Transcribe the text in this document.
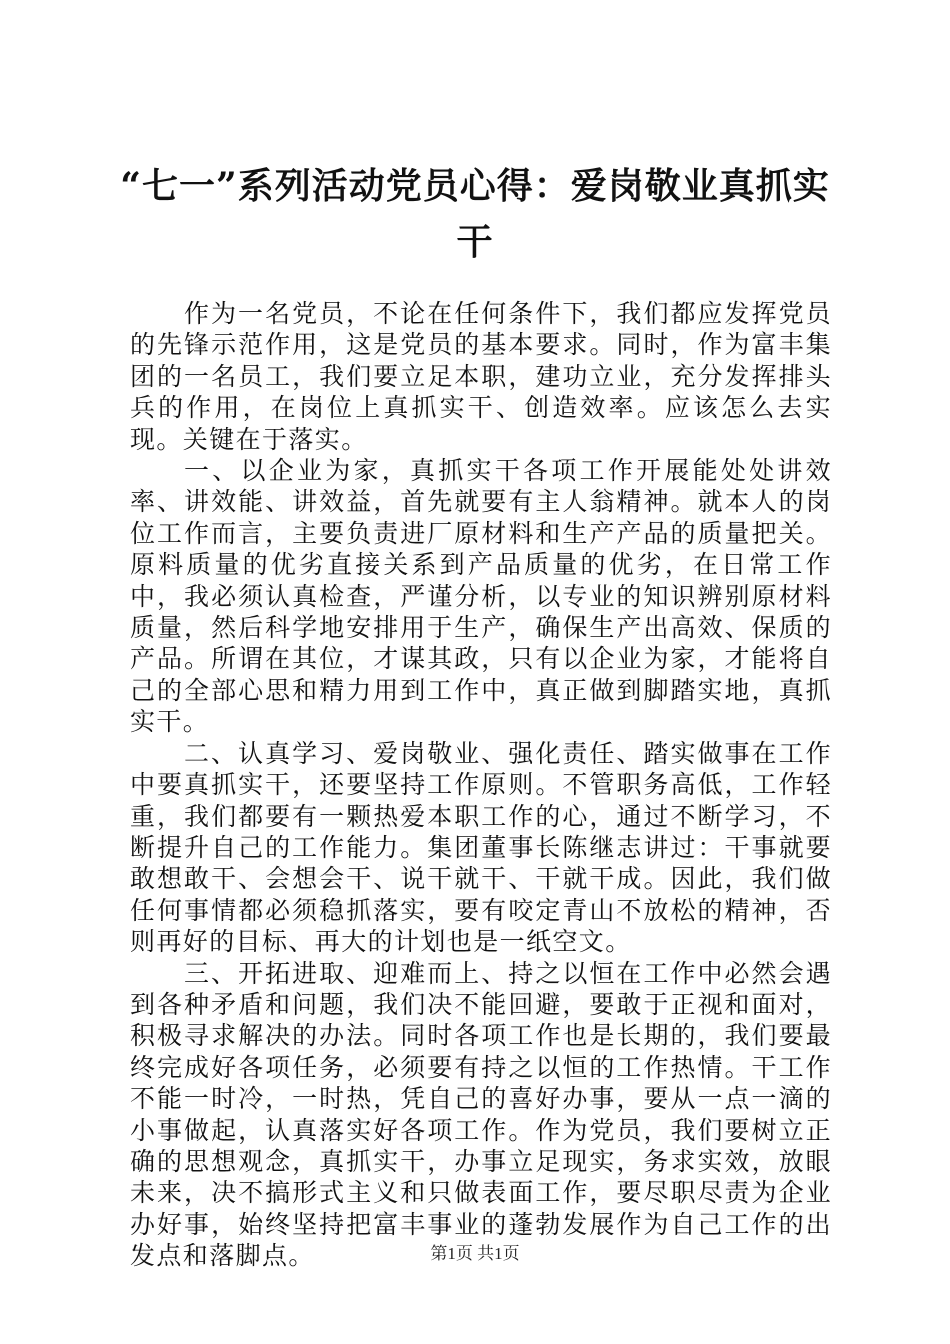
“七一”系列活动党员心得：爱岗敬业真抓实
干

作为一名党员，不论在任何条件下，我们都应发挥党员的先锋示范作用，这是党员的基本要求。同时，作为富丰集团的一名员工，我们要立足本职，建功立业，充分发挥排头兵的作用，在岗位上真抓实干、创造效率。应该怎么去实现。关键在于落实。

一、以企业为家，真抓实干各项工作开展能处处讲效率、讲效能、讲效益，首先就要有主人翁精神。就本人的岗位工作而言，主要负责进厂原材料和生产产品的质量把关。原料质量的优劣直接关系到产品质量的优劣，在日常工作中，我必须认真检查，严谨分析，以专业的知识辨别原材料质量，然后科学地安排用于生产，确保生产出高效、保质的产品。所谓在其位，才谋其政，只有以企业为家，才能将自己的全部心思和精力用到工作中，真正做到脚踏实地，真抓实干。

二、认真学习、爱岗敬业、强化责任、踏实做事在工作中要真抓实干，还要坚持工作原则。不管职务高低，工作轻重，我们都要有一颗热爱本职工作的心，通过不断学习，不断提升自己的工作能力。集团董事长陈继志讲过：干事就要敢想敢干、会想会干、说干就干、干就干成。因此，我们做任何事情都必须稳抓落实，要有咬定青山不放松的精神，否则再好的目标、再大的计划也是一纸空文。

三、开拓进取、迎难而上、持之以恒在工作中必然会遇到各种矛盾和问题，我们决不能回避，要敢于正视和面对，积极寻求解决的办法。同时各项工作也是长期的，我们要最终完成好各项任务，必须要有持之以恒的工作热情。干工作不能一时冷，一时热，凭自己的喜好办事，要从一点一滴的小事做起，认真落实好各项工作。作为党员，我们要树立正确的思想观念，真抓实干，办事立足现实，务求实效，放眼未来，决不搞形式主义和只做表面工作，要尽职尽责为企业办好事，始终坚持把富丰事业的蓬勃发展作为自己工作的出发点和落脚点。	第1页 共1页
